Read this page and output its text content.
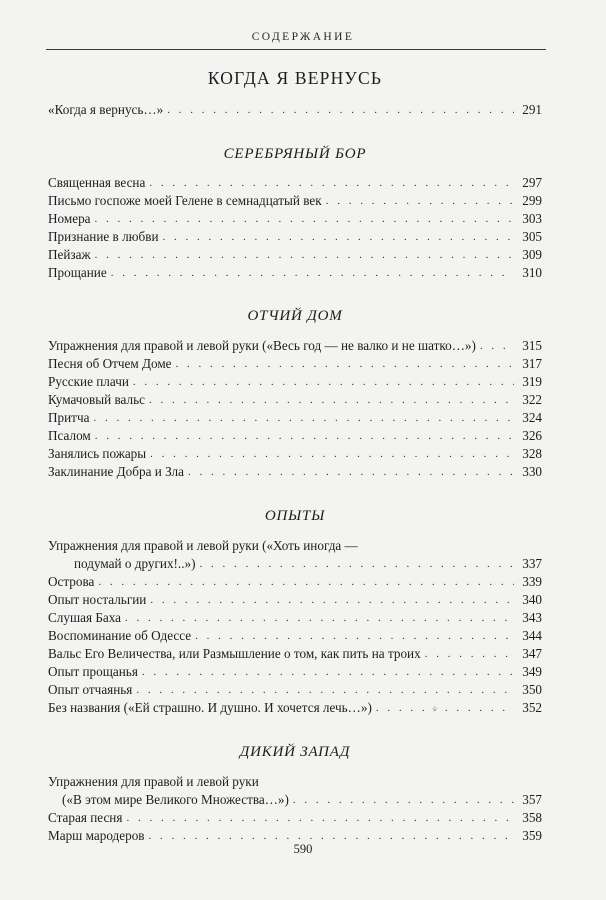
СОДЕРЖАНИЕ
КОГДА Я ВЕРНУСЬ
«Когда я вернусь…» . . .	291
СЕРЕБРЯНЫЙ БОР
Священная весна . . .	297
Письмо госпоже моей Гелене в семнадцатый век . . .	299
Номера . . .	303
Признание в любви . . .	305
Пейзаж . . .	309
Прощание . . .	310
ОТЧИЙ ДОМ
Упражнения для правой и левой руки («Весь год — не валко и не шатко…») . . .	315
Песня об Отчем Доме . . .	317
Русские плачи . . .	319
Кумачовый вальс . . .	322
Притча . . .	324
Псалом . . .	326
Занялись пожары . . .	328
Заклинание Добра и Зла . . .	330
ОПЫТЫ
Упражнения для правой и левой руки («Хоть иногда —
подумай о других!..») . . .	337
Острова . . .	339
Опыт ностальгии . . .	340
Слушая Баха . . .	343
Воспоминание об Одессе . . .	344
Вальс Его Величества, или Размышление о том, как пить на троих . . .	347
Опыт прощанья . . .	349
Опыт отчаянья . . .	350
Без названия («Ей страшно. И душно. И хочется лечь…») . . .	352
ДИКИЙ ЗАПАД
Упражнения для правой и левой руки
(«В этом мире Великого Множества…») . . .	357
Старая песня . . .	358
Марш мародеров . . .	359
✧
590
